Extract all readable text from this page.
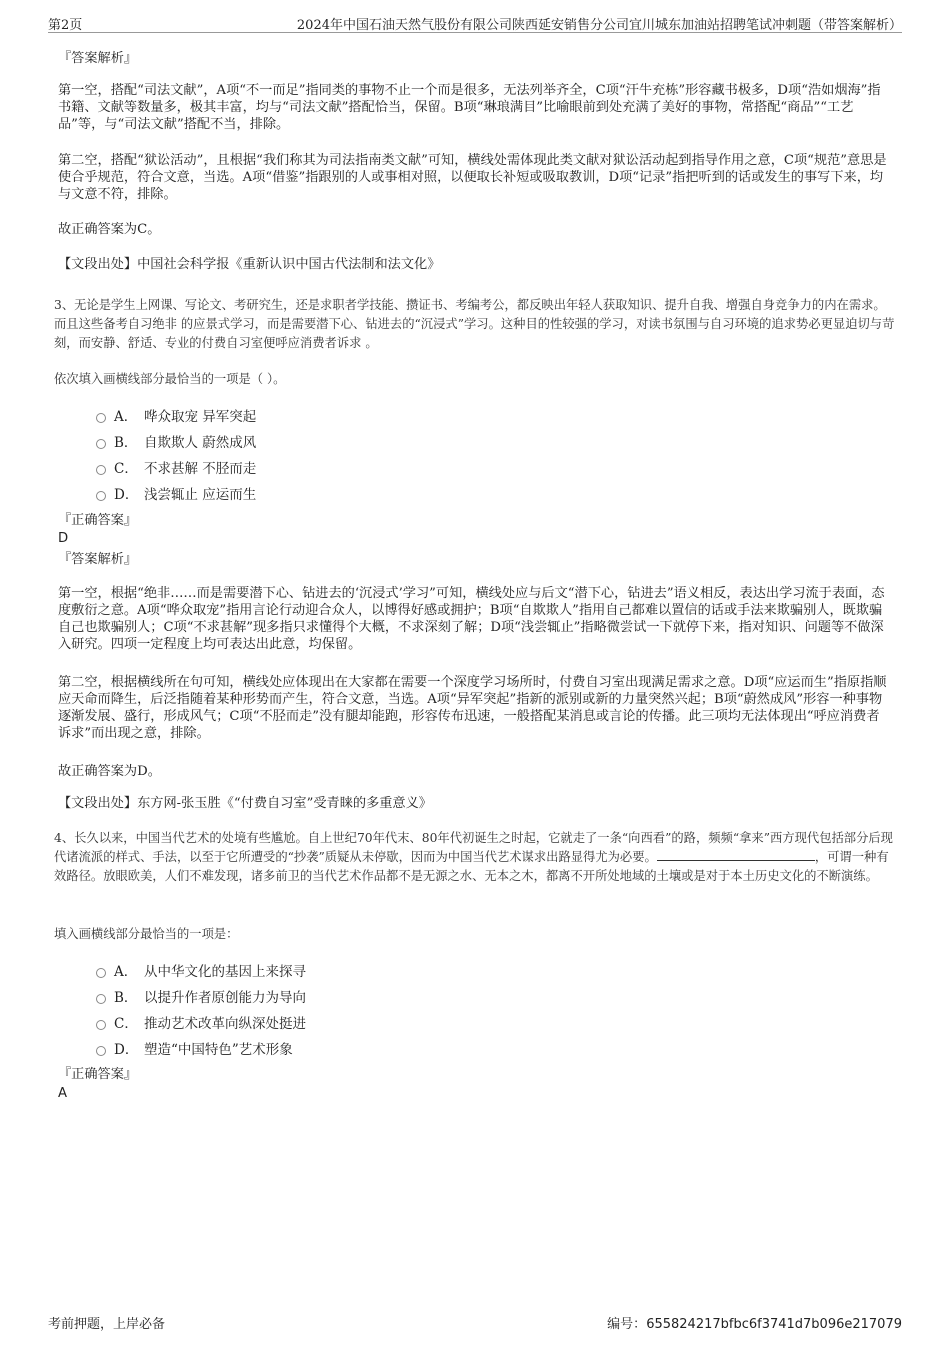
第2页	2024年中国石油天然气股份有限公司陕西延安销售分公司宜川城东加油站招聘笔试冲刺题（带答案解析）
『答案解析』

第一空，搭配“司法文献”，A项“不一而足”指同类的事物不止一个而是很多，无法列举齐全，C项“汗牛充栋”形容藏书极多，D项“浩如烟海”指书籍、文献等数量多，极其丰富，均与“司法文献”搭配恰当，保留。B项“琳琅满目”比喻眼前到处充满了美好的事物，常搭配“商品”“工艺品”等，与“司法文献”搭配不当，排除。

第二空，搭配“狱讼活动”，且根据“我们称其为司法指南类文献”可知，横线处需体现此类文献对狱讼活动起到指导作用之意，C项“规范”意思是使合乎规范，符合文意，当选。A项“借鉴”指跟别的人或事相对照，以便取长补短或吸取教训，D项“记录”指把听到的话或发生的事写下来，均与文意不符，排除。

故正确答案为C。
【文段出处】中国社会科学报《重新认识中国古代法制和法文化》

3、无论是学生上网课、写论文、考研究生，还是求职者学技能、攒证书、考编考公，都反映出年轻人获取知识、提升自我、增强自身竞争力的内在需求。而且这些备考自习绝非 的应景式学习，而是需要潜下心、钻进去的“沉浸式”学习。这种目的性较强的学习，对读书氛围与自习环境的追求势必更显迫切与苛刻，而安静、舒适、专业的付费自习室便呼应消费者诉求 。

依次填入画横线部分最恰当的一项是（ ）。
A． 哗众取宠 异军突起
B． 自欺欺人 蔚然成风
C． 不求甚解 不胫而走
D． 浅尝辄止 应运而生
『正确答案』
D
『答案解析』

第一空，根据“绝非……而是需要潜下心、钻进去的‘沉浸式’学习”可知，横线处应与后文“潜下心，钻进去”语义相反，表达出学习流于表面，态度敷衍之意。A项“哗众取宠”指用言论行动迎合众人，以博得好感或拥护；B项“自欺欺人”指用自己都难以置信的话或手法来欺骗别人，既欺骗自己也欺骗别人；C项“不求甚解”现多指只求懂得个大概，不求深刻了解；D项“浅尝辄止”指略微尝试一下就停下来，指对知识、问题等不做深入研究。四项一定程度上均可表达出此意，均保留。

第二空，根据横线所在句可知，横线处应体现出在大家都在需要一个深度学习场所时，付费自习室出现满足需求之意。D项“应运而生”指原指顺应天命而降生，后泛指随着某种形势而产生，符合文意，当选。A项“异军突起”指新的派别或新的力量突然兴起；B项“蔚然成风”形容一种事物逐渐发展、盛行，形成风气；C项“不胫而走”没有腿却能跑，形容传布迅速，一般搭配某消息或言论的传播。此三项均无法体现出“呼应消费者诉求”而出现之意，排除。

故正确答案为D。
【文段出处】东方网-张玉胜《“付费自习室”受青睐的多重意义》

4、长久以来，中国当代艺术的处境有些尴尬。自上世纪70年代末、80年代初诞生之时起，它就走了一条“向西看”的路，频频“拿来”西方现代包括部分后现代诸流派的样式、手法，以至于它所遭受的“抄袭”质疑从未停歇，因而为中国当代艺术谋求出路显得尤为必要。	，可谓一种有效路径。放眼欧美，人们不难发现，诸多前卫的当代艺术作品都不是无源之水、无本之木，都离不开所处地域的土壤或是对于本土历史文化的不断演练。

填入画横线部分最恰当的一项是：
A． 从中华文化的基因上来探寻
B． 以提升作者原创能力为导向
C． 推动艺术改革向纵深处挺进
D． 塑造“中国特色”艺术形象
『正确答案』
A
考前押题，上岸必备	编号：655824217bfbc6f3741d7b096e217079
